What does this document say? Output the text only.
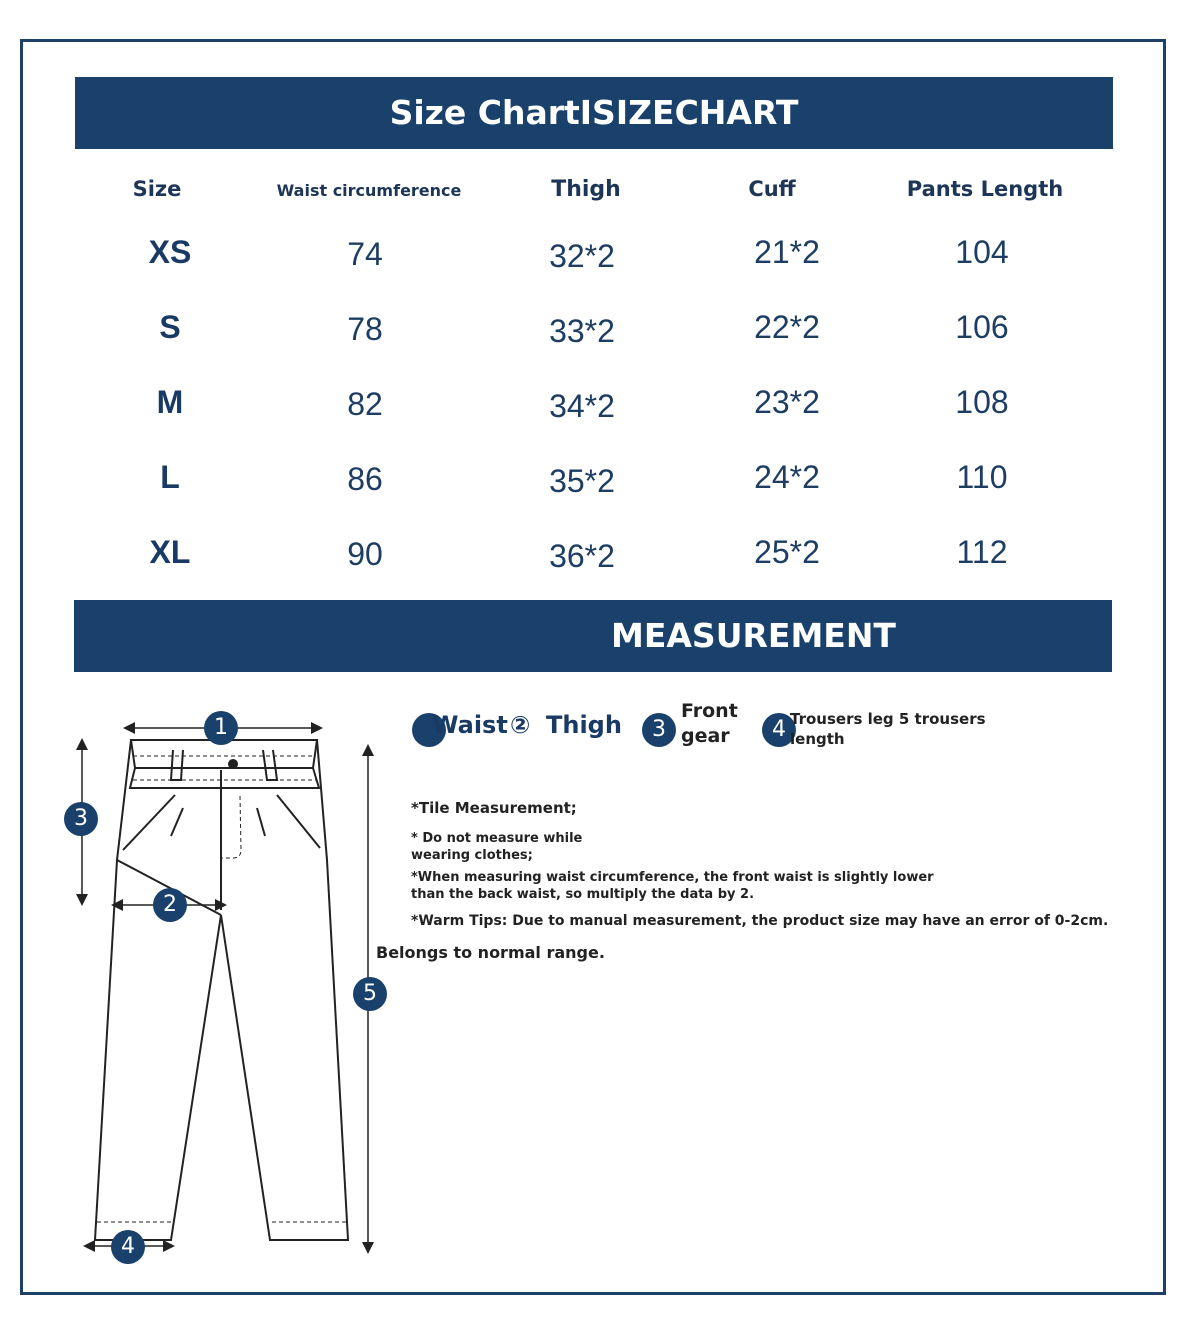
Size ChartISIZECHART
Size	Waist circumference	Thigh	Cuff	Pants Length
XS	74	32*2	21*2	104
S	78	33*2	22*2	106
M	82	34*2	23*2	108
L	86	35*2	24*2	110
XL	90	36*2	25*2	112
MEASUREMENT
1
2
3
4
5
Waist ② Thigh	3
Front
gear	4 Trousers leg 5 trousers
length
*Tile Measurement;
* Do not measure while
wearing clothes;
*When measuring waist circumference, the front waist is slightly lower
than the back waist, so multiply the data by 2.
*Warm Tips: Due to manual measurement, the product size may have an error of 0-2cm.
Belongs to normal range.
